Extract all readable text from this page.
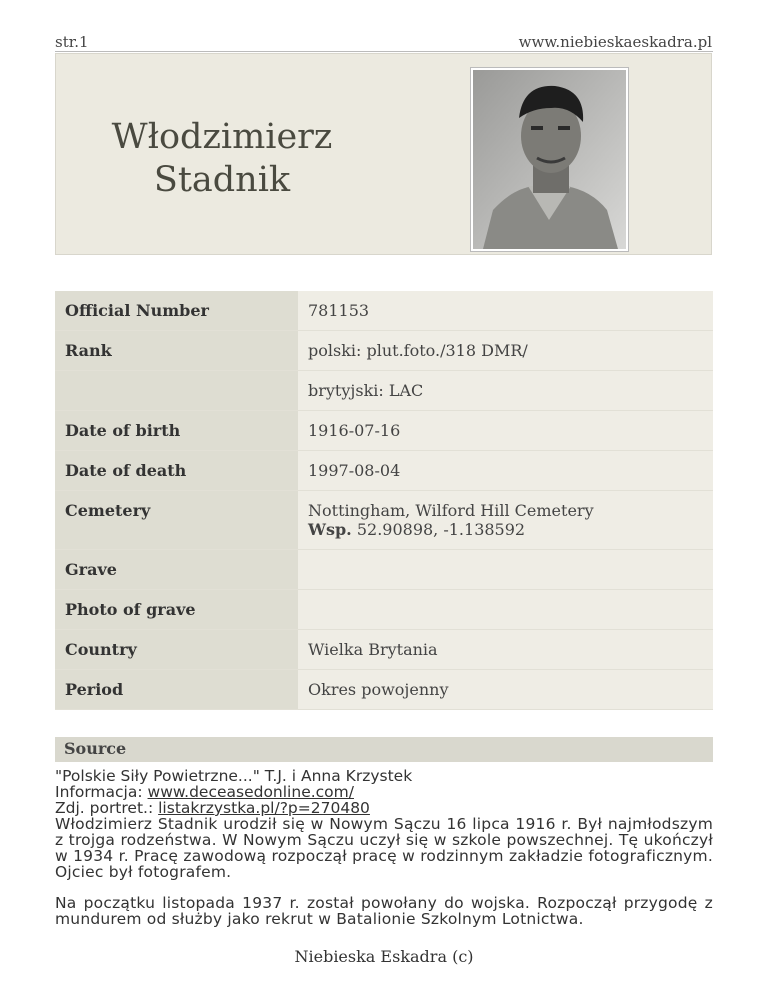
str.1	www.niebieskaeskadra.pl
Włodzimierz
Stadnik
Official Number	781153
Rank	polski: plut.foto./318 DMR/
	brytyjski: LAC
Date of birth	1916-07-16
Date of death	1997-08-04
Cemetery	Nottingham, Wilford Hill Cemetery
Wsp. 52.90898, -1.138592

Grave	
Photo of grave	
Country	Wielka Brytania
Period	Okres powojenny
Source
"Polskie Siły Powietrzne..." T.J. i Anna Krzystek
Informacja: www.deceasedonline.com/
Zdj. portret.: listakrzystka.pl/?p=270480

Włodzimierz Stadnik urodził się w Nowym Sączu 16 lipca 1916 r. Był najmłodszym z trojga rodzeństwa. W Nowym Sączu uczył się w szkole powszechnej. Tę ukończył w 1934 r. Pracę zawodową rozpoczął pracę w rodzinnym zakładzie fotograficznym. Ojciec był fotografem.

Na początku listopada 1937 r. został powołany do wojska. Rozpoczął przygodę z mundurem od służby jako rekrut w Batalionie Szkolnym Lotnictwa.

Niebieska Eskadra (c)
